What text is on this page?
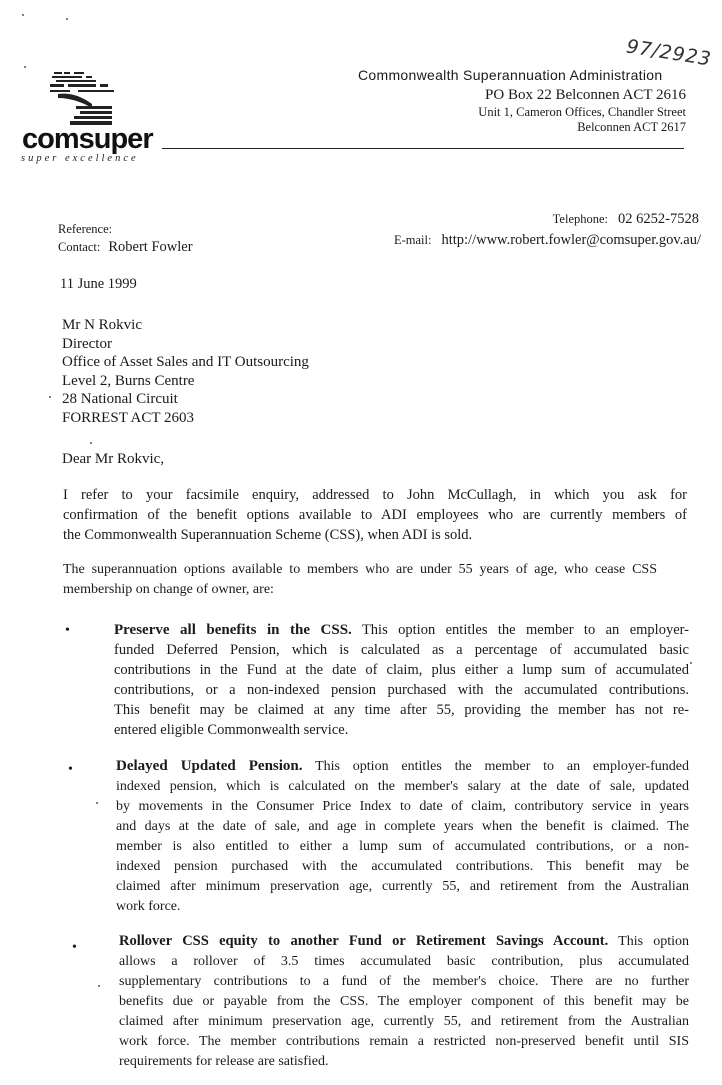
97/2923
comsuper
super excellence
Commonwealth Superannuation Administration
PO Box 22 Belconnen ACT 2616
Unit 1, Cameron Offices, Chandler Street
Belconnen ACT 2617
Reference:
Contact: Robert Fowler
Telephone: 02 6252-7528
E-mail: http://www.robert.fowler@comsuper.gov.au/
11 June 1999
Mr N Rokvic
Director
Office of Asset Sales and IT Outsourcing
Level 2, Burns Centre
28 National Circuit
FORREST ACT 2603
Dear Mr Rokvic,
I refer to your facsimile enquiry, addressed to John McCullagh, in which you ask for
confirmation of the benefit options available to ADI employees who are currently members of
the Commonwealth Superannuation Scheme (CSS), when ADI is sold.
The superannuation options available to members who are under 55 years of age, who cease CSS
membership on change of owner, are:
•	Preserve all benefits in the CSS. This option entitles the member to an employer-
funded Deferred Pension, which is calculated as a percentage of accumulated basic
contributions in the Fund at the date of claim, plus either a lump sum of accumulated
contributions, or a non-indexed pension purchased with the accumulated contributions.
This benefit may be claimed at any time after 55, providing the member has not re-
entered eligible Commonwealth service.
•	Delayed Updated Pension. This option entitles the member to an employer-funded
indexed pension, which is calculated on the member's salary at the date of sale, updated
by movements in the Consumer Price Index to date of claim, contributory service in years
and days at the date of sale, and age in complete years when the benefit is claimed. The
member is also entitled to either a lump sum of accumulated contributions, or a non-
indexed pension purchased with the accumulated contributions. This benefit may be
claimed after minimum preservation age, currently 55, and retirement from the Australian
work force.
•	Rollover CSS equity to another Fund or Retirement Savings Account. This option
allows a rollover of 3.5 times accumulated basic contribution, plus accumulated
supplementary contributions to a fund of the member's choice. There are no further
benefits due or payable from the CSS. The employer component of this benefit may be
claimed after minimum preservation age, currently 55, and retirement from the Australian
work force. The member contributions remain a restricted non-preserved benefit until SIS
requirements for release are satisfied.
